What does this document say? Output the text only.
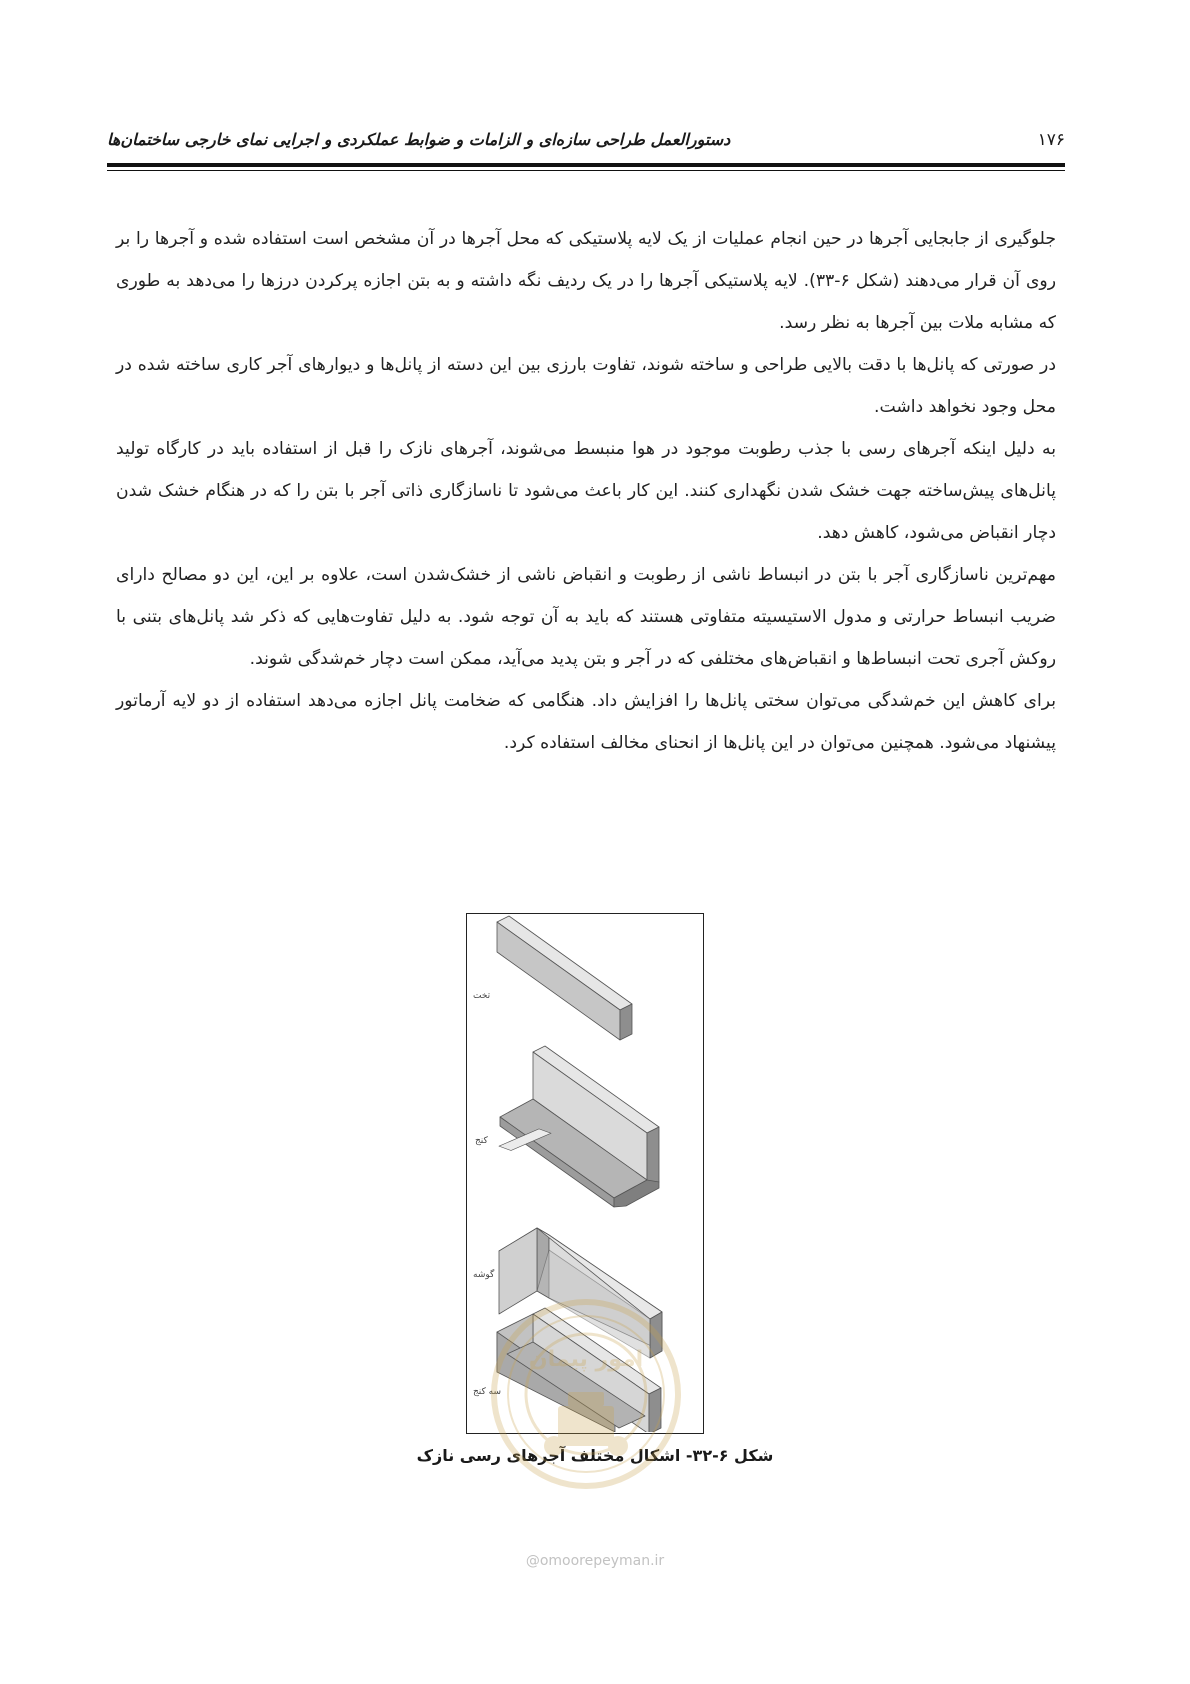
۱۷۶
دستورالعمل طراحی سازه‌ای و الزامات و ضوابط عملکردی و اجرایی نمای خارجی ساختمان‌ها

جلوگیری از جابجایی آجرها در حین انجام عملیات از یک لایه پلاستیکی که محل آجرها در آن مشخص است استفاده شده و آجرها را بر روی آن قرار می‌دهند (شکل ۶-۳۳). لایه پلاستیکی آجرها را در یک ردیف نگه داشته و به بتن اجازه پرکردن درزها را می‌دهد به طوری که مشابه ملات بین آجرها به نظر رسد.

در صورتی که پانل‌ها با دقت بالایی طراحی و ساخته شوند، تفاوت بارزی بین این دسته از پانل‌ها و دیوارهای آجر کاری ساخته شده در محل وجود نخواهد داشت.

به دلیل اینکه آجرهای رسی با جذب رطوبت موجود در هوا منبسط می‌شوند، آجرهای نازک را قبل از استفاده باید در کارگاه تولید پانل‌های پیش‌ساخته جهت خشک شدن نگهداری کنند. این کار باعث می‌شود تا ناسازگاری ذاتی آجر با بتن را که در هنگام خشک شدن دچار انقباض می‌شود، کاهش دهد.

مهم‌ترین ناسازگاری آجر با بتن در انبساط ناشی از رطوبت و انقباض ناشی از خشک‌شدن است، علاوه بر این، این دو مصالح دارای ضریب انبساط حرارتی و مدول الاستیسیته متفاوتی هستند که باید به آن توجه شود. به دلیل تفاوت‌هایی که ذکر شد پانل‌های بتنی با روکش آجری تحت انبساط‌ها و انقباض‌های مختلفی که در آجر و بتن پدید می‌آید، ممکن است دچار خم‌شدگی شوند.

برای کاهش این خم‌شدگی می‌توان سختی پانل‌ها را افزایش داد. هنگامی که ضخامت پانل اجازه می‌دهد استفاده از دو لایه آرماتور پیشنهاد می‌شود. همچنین می‌توان در این پانل‌ها از انحنای مخالف استفاده کرد.

تخت
کنج
گوشه
سه کنج
شکل ۶-۳۲- اشکال مختلف آجرهای رسی نازک
امور پیمان
@omoorepeyman.ir
